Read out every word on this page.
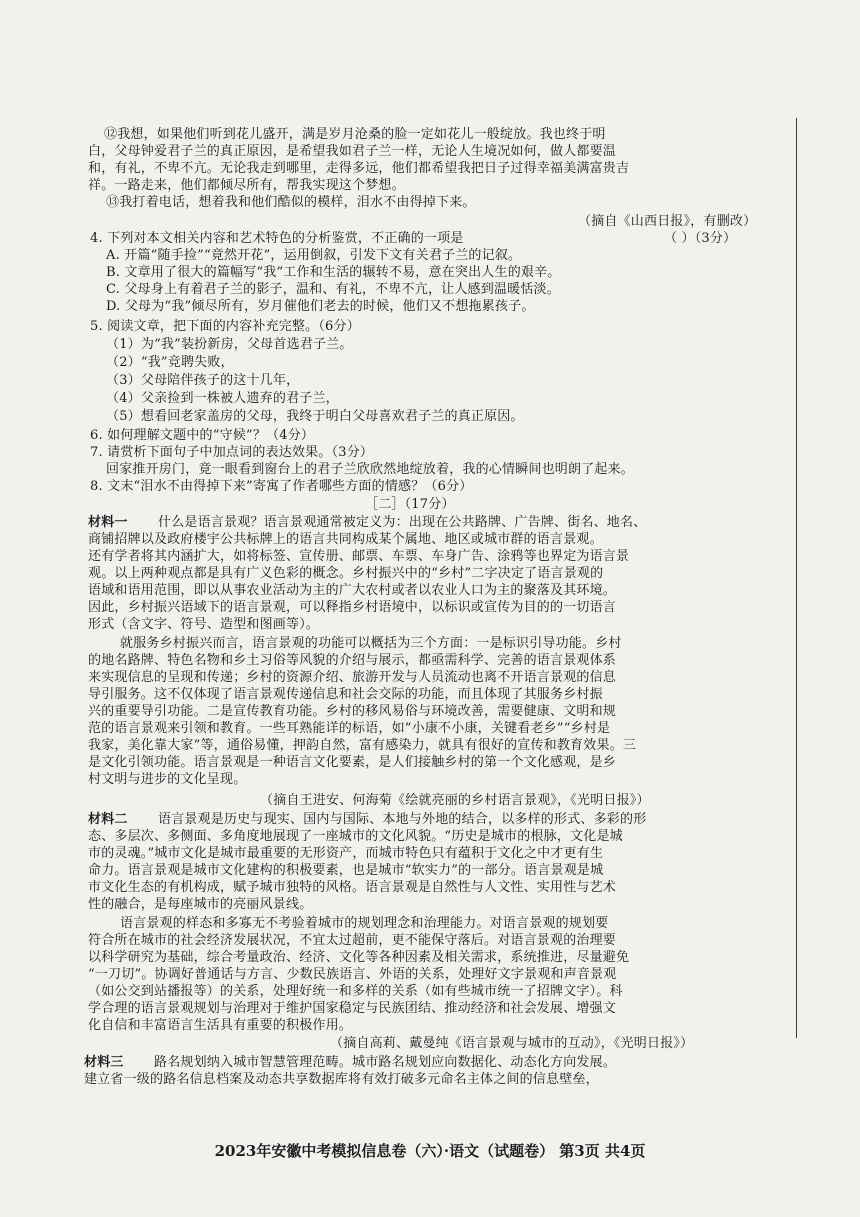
⑫我想，如果他们听到花儿盛开，满是岁月沧桑的脸一定如花儿一般绽放。我也终于明

白，父母钟爱君子兰的真正原因，是希望我如君子兰一样，无论人生境况如何，做人都要温

和，有礼，不卑不亢。无论我走到哪里，走得多远，他们都希望我把日子过得幸福美满富贵吉

祥。一路走来，他们都倾尽所有，帮我实现这个梦想。

⑬我打着电话，想着我和他们酷似的模样，泪水不由得掉下来。

（摘自《山西日报》，有删改）

4. 下列对本文相关内容和艺术特色的分析鉴赏，不正确的一项是	（ ）（3分）

A. 开篇“随手捡”“竟然开花”，运用倒叙，引发下文有关君子兰的记叙。

B. 文章用了很大的篇幅写“我”工作和生活的辗转不易，意在突出人生的艰辛。

C. 父母身上有着君子兰的影子，温和、有礼，不卑不亢，让人感到温暖恬淡。

D. 父母为“我”倾尽所有，岁月催他们老去的时候，他们又不想拖累孩子。

5. 阅读文章，把下面的内容补充完整。（6分）

（1）为“我”装扮新房，父母首选君子兰。

（2）“我”竞聘失败，

（3）父母陪伴孩子的这十几年，

（4）父亲捡到一株被人遗弃的君子兰，

（5）想看回老家盖房的父母，我终于明白父母喜欢君子兰的真正原因。

6. 如何理解文题中的“守候”？（4分）

7. 请赏析下面句子中加点词的表达效果。（3分）

回家推开房门，竟一眼看到窗台上的君子兰欣欣然地绽放着，我的心情瞬间也明朗了起来。

8. 文末“泪水不由得掉下来”寄寓了作者哪些方面的情感？（6分）

［二］（17分）

材料一 什么是语言景观？语言景观通常被定义为：出现在公共路牌、广告牌、街名、地名、

商铺招牌以及政府楼宇公共标牌上的语言共同构成某个属地、地区或城市群的语言景观。

还有学者将其内涵扩大，如将标签、宣传册、邮票、车票、车身广告、涂鸦等也界定为语言景

观。以上两种观点都是具有广义色彩的概念。乡村振兴中的“乡村”二字决定了语言景观的

语域和语用范围，即以从事农业活动为主的广大农村或者以农业人口为主的聚落及其环境。

因此，乡村振兴语域下的语言景观，可以释指乡村语境中，以标识或宣传为目的的一切语言

形式（含文字、符号、造型和图画等）。

就服务乡村振兴而言，语言景观的功能可以概括为三个方面：一是标识引导功能。乡村

的地名路牌、特色名物和乡土习俗等风貌的介绍与展示，都亟需科学、完善的语言景观体系

来实现信息的呈现和传递；乡村的资源介绍、旅游开发与人员流动也离不开语言景观的信息

导引服务。这不仅体现了语言景观传递信息和社会交际的功能，而且体现了其服务乡村振

兴的重要导引功能。二是宣传教育功能。乡村的移风易俗与环境改善，需要健康、文明和规

范的语言景观来引领和教育。一些耳熟能详的标语，如“小康不小康，关键看老乡”“乡村是

我家，美化靠大家”等，通俗易懂，押韵自然，富有感染力，就具有很好的宣传和教育效果。三

是文化引领功能。语言景观是一种语言文化要素，是人们接触乡村的第一个文化感观，是乡

村文明与进步的文化呈现。

（摘自王进安、何海菊《绘就亮丽的乡村语言景观》，《光明日报》）

材料二 语言景观是历史与现实、国内与国际、本地与外地的结合，以多样的形式、多彩的形

态、多层次、多侧面、多角度地展现了一座城市的文化风貌。“历史是城市的根脉，文化是城

市的灵魂。”城市文化是城市最重要的无形资产，而城市特色只有蕴积于文化之中才更有生

命力。语言景观是城市文化建构的积极要素，也是城市“软实力”的一部分。语言景观是城

市文化生态的有机构成，赋予城市独特的风格。语言景观是自然性与人文性、实用性与艺术

性的融合，是每座城市的亮丽风景线。

语言景观的样态和多寡无不考验着城市的规划理念和治理能力。对语言景观的规划要

符合所在城市的社会经济发展状况，不宜太过超前，更不能保守落后。对语言景观的治理要

以科学研究为基础，综合考量政治、经济、文化等各种因素及相关需求，系统推进，尽量避免

“一刀切”。协调好普通话与方言、少数民族语言、外语的关系，处理好文字景观和声音景观

（如公交到站播报等）的关系，处理好统一和多样的关系（如有些城市统一了招牌文字）。科

学合理的语言景观规划与治理对于维护国家稳定与民族团结、推动经济和社会发展、增强文

化自信和丰富语言生活具有重要的积极作用。

（摘自高莉、戴曼纯《语言景观与城市的互动》，《光明日报》）

材料三 路名规划纳入城市智慧管理范畴。城市路名规划应向数据化、动态化方向发展。

建立省一级的路名信息档案及动态共享数据库将有效打破多元命名主体之间的信息壁垒，

2023年安徽中考模拟信息卷（六）·语文（试题卷） 第3页 共4页
